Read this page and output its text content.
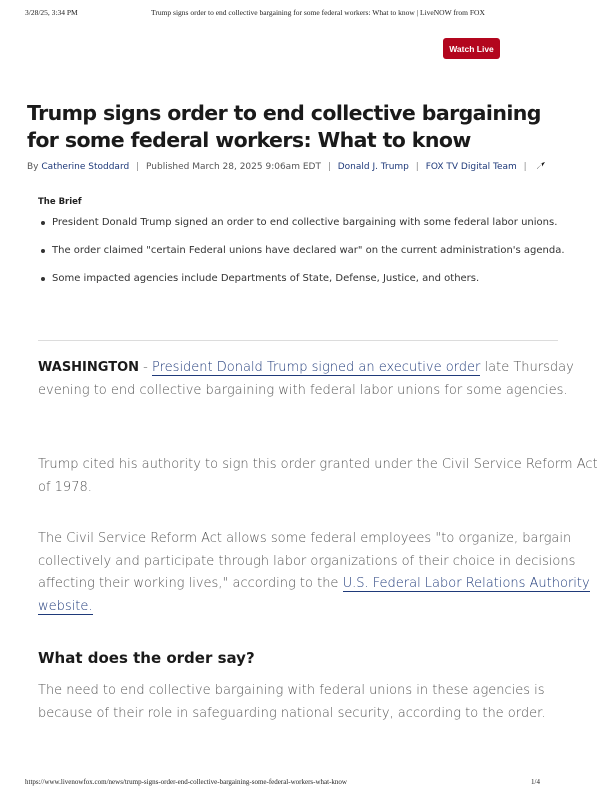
3/28/25, 3:34 PM	Trump signs order to end collective bargaining for some federal workers: What to know | LiveNOW from FOX
Watch Live
Trump signs order to end collective bargaining for some federal workers: What to know
By Catherine Stoddard | Published March 28, 2025 9:06am EDT | Donald J. Trump | FOX TV Digital Team |
The Brief
President Donald Trump signed an order to end collective bargaining with some federal labor unions.
The order claimed "certain Federal unions have declared war" on the current administration's agenda.
Some impacted agencies include Departments of State, Defense, Justice, and others.

WASHINGTON - President Donald Trump signed an executive order late Thursday evening to end collective bargaining with federal labor unions for some agencies.

Trump cited his authority to sign this order granted under the Civil Service Reform Act of 1978.

The Civil Service Reform Act allows some federal employees "to organize, bargain collectively and participate through labor organizations of their choice in decisions affecting their working lives," according to the U.S. Federal Labor Relations Authority website.

What does the order say?

The need to end collective bargaining with federal unions in these agencies is because of their role in safeguarding national security, according to the order.

https://www.livenowfox.com/news/trump-signs-order-end-collective-bargaining-some-federal-workers-what-know	1/4
